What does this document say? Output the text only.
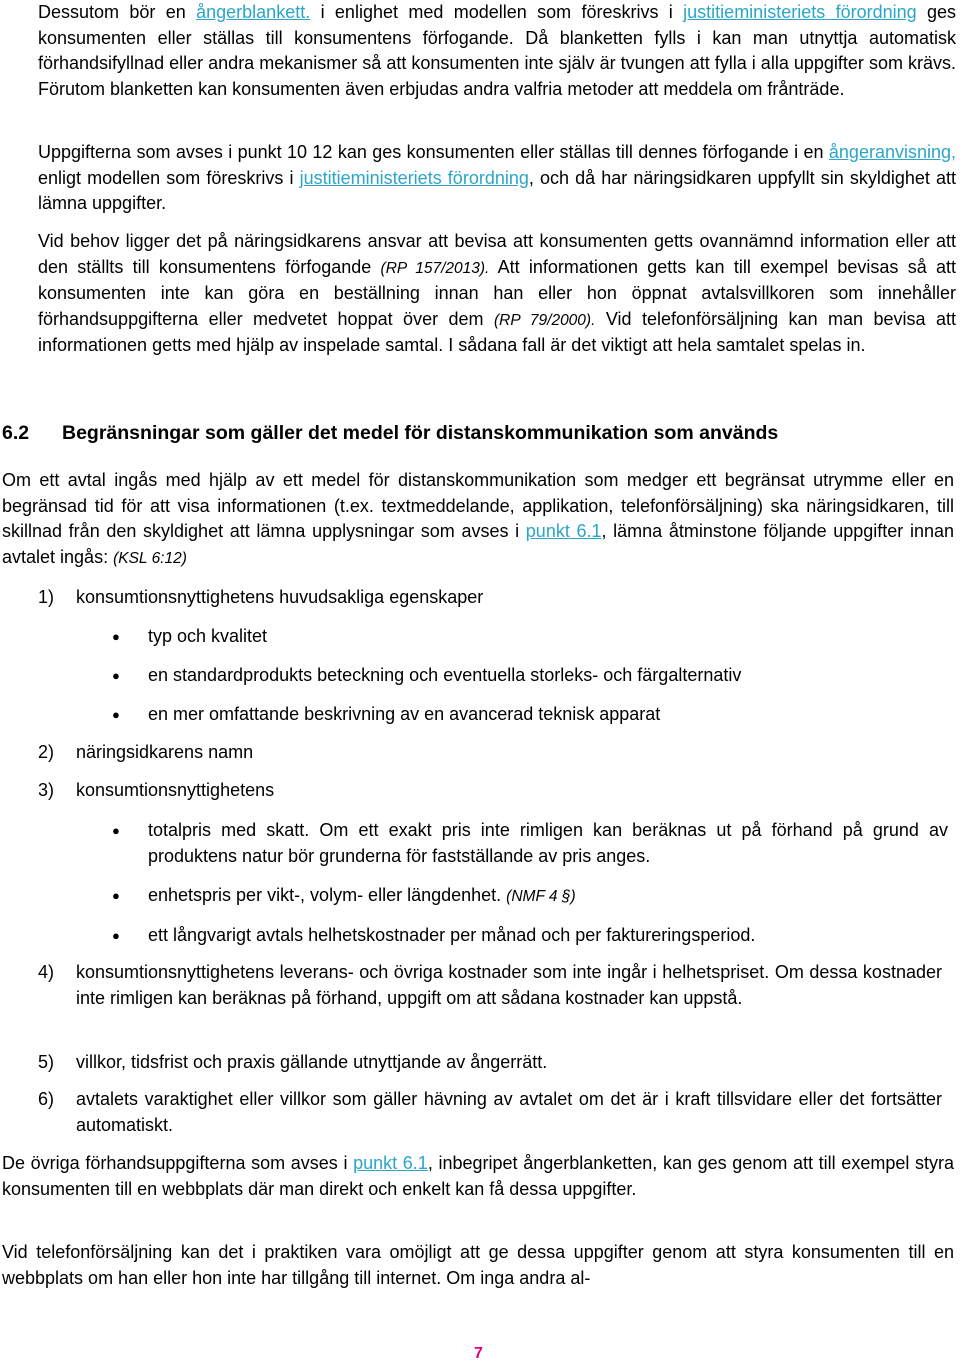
Dessutom bör en ångerblankett. i enlighet med modellen som föreskrivs i justitieministeriets förordning ges konsumenten eller ställas till konsumentens förfogande. Då blanketten fylls i kan man utnyttja automatisk förhandsifyllnad eller andra mekanismer så att konsumenten inte själv är tvungen att fylla i alla uppgifter som krävs. Förutom blanketten kan konsumenten även erbjudas andra valfria metoder att meddela om frånträde.

Uppgifterna som avses i punkt 10 12 kan ges konsumenten eller ställas till dennes förfogande i en ångeranvisning, enligt modellen som föreskrivs i justitieministeriets förordning, och då har näringsidkaren uppfyllt sin skyldighet att lämna uppgifter.

Vid behov ligger det på näringsidkarens ansvar att bevisa att konsumenten getts ovannämnd information eller att den ställts till konsumentens förfogande (RP 157/2013). Att informationen getts kan till exempel bevisas så att konsumenten inte kan göra en beställning innan han eller hon öppnat avtalsvillkoren som innehåller förhandsuppgifterna eller medvetet hoppat över dem (RP 79/2000). Vid telefonförsäljning kan man bevisa att informationen getts med hjälp av inspelade samtal. I sådana fall är det viktigt att hela samtalet spelas in.

6.2 Begränsningar som gäller det medel för distanskommunikation som används

Om ett avtal ingås med hjälp av ett medel för distanskommunikation som medger ett begränsat utrymme eller en begränsad tid för att visa informationen (t.ex. textmeddelande, applikation, telefonförsäljning) ska näringsidkaren, till skillnad från den skyldighet att lämna upplysningar som avses i punkt 6.1, lämna åtminstone följande uppgifter innan avtalet ingås: (KSL 6:12)

1) konsumtionsnyttighetens huvudsakliga egenskaper
● typ och kvalitet
● en standardprodukts beteckning och eventuella storleks- och färgalternativ
● en mer omfattande beskrivning av en avancerad teknisk apparat
2) näringsidkarens namn
3) konsumtionsnyttighetens
● totalpris med skatt. Om ett exakt pris inte rimligen kan beräknas ut på förhand på grund av produktens natur bör grunderna för fastställande av pris anges.

● enhetspris per vikt-, volym- eller längdenhet. (NMF 4 §)
● ett långvarigt avtals helhetskostnader per månad och per faktureringsperiod.
4) konsumtionsnyttighetens leverans- och övriga kostnader som inte ingår i helhetspriset. Om dessa kostnader inte rimligen kan beräknas på förhand, uppgift om att sådana kostnader kan uppstå.

5) villkor, tidsfrist och praxis gällande utnyttjande av ångerrätt.
6) avtalets varaktighet eller villkor som gäller hävning av avtalet om det är i kraft tillsvidare eller det fortsätter automatiskt.

De övriga förhandsuppgifterna som avses i punkt 6.1, inbegripet ångerblanketten, kan ges genom att till exempel styra konsumenten till en webbplats där man direkt och enkelt kan få dessa uppgifter.

Vid telefonförsäljning kan det i praktiken vara omöjligt att ge dessa uppgifter genom att styra konsumenten till en webbplats om han eller hon inte har tillgång till internet. Om inga andra al-

7
